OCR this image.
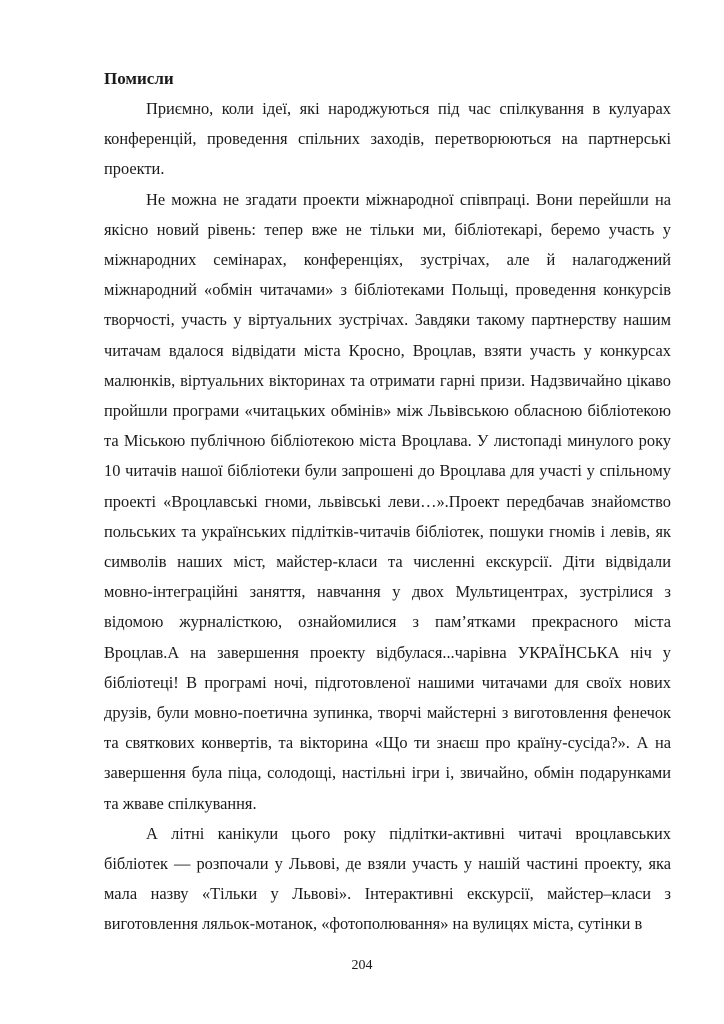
Помисли

Приємно, коли ідеї, які народжуються під час спілкування в кулуарах конференцій, проведення спільних заходів, перетворюються на партнерські проекти.

Не можна не згадати проекти міжнародної співпраці. Вони перейшли на якісно новий рівень: тепер вже не тільки ми, бібліотекарі, беремо участь у міжнародних семінарах, конференціях, зустрічах, але й налагоджений міжнародний «обмін читачами» з бібліотеками Польщі, проведення конкурсів творчості, участь у віртуальних зустрічах. Завдяки такому партнерству нашим читачам вдалося відвідати міста Кросно, Вроцлав, взяти участь у конкурсах малюнків, віртуальних вікторинах та отримати гарні призи. Надзвичайно цікаво пройшли програми «читацьких обмінів» між Львівською обласною бібліотекою та Міською публічною бібліотекою міста Вроцлава. У листопаді минулого року 10 читачів нашої бібліотеки були запрошені до Вроцлава для участі у спільному проекті «Вроцлавські гноми, львівські леви…».Проект передбачав знайомство польських та українських підлітків-читачів бібліотек, пошуки гномів і левів, як символів наших міст, майстер-класи та численні екскурсії. Діти відвідали мовно-інтеграційні заняття, навчання у двох Мультицентрах, зустрілися з відомою журналісткою, ознайомилися з пам’ятками прекрасного міста Вроцлав.А на завершення проекту відбулася...чарівна УКРАЇНСЬКА ніч у бібліотеці! В програмі ночі, підготовленої нашими читачами для своїх нових друзів, були мовно-поетична зупинка, творчі майстерні з виготовлення фенечок та святкових конвертів, та вікторина «Що ти знаєш про країну-сусіда?». А на завершення була піца, солодощі, настільні ігри і, звичайно, обмін подарунками та жваве спілкування.

А літні канікули цього року підлітки-активні читачі вроцлавських бібліотек — розпочали у Львові, де взяли участь у нашій частині проекту, яка мала назву «Тільки у Львові». Інтерактивні екскурсії, майстер–класи з виготовлення ляльок-мотанок, «фотополювання» на вулицях міста, сутінки в

204
